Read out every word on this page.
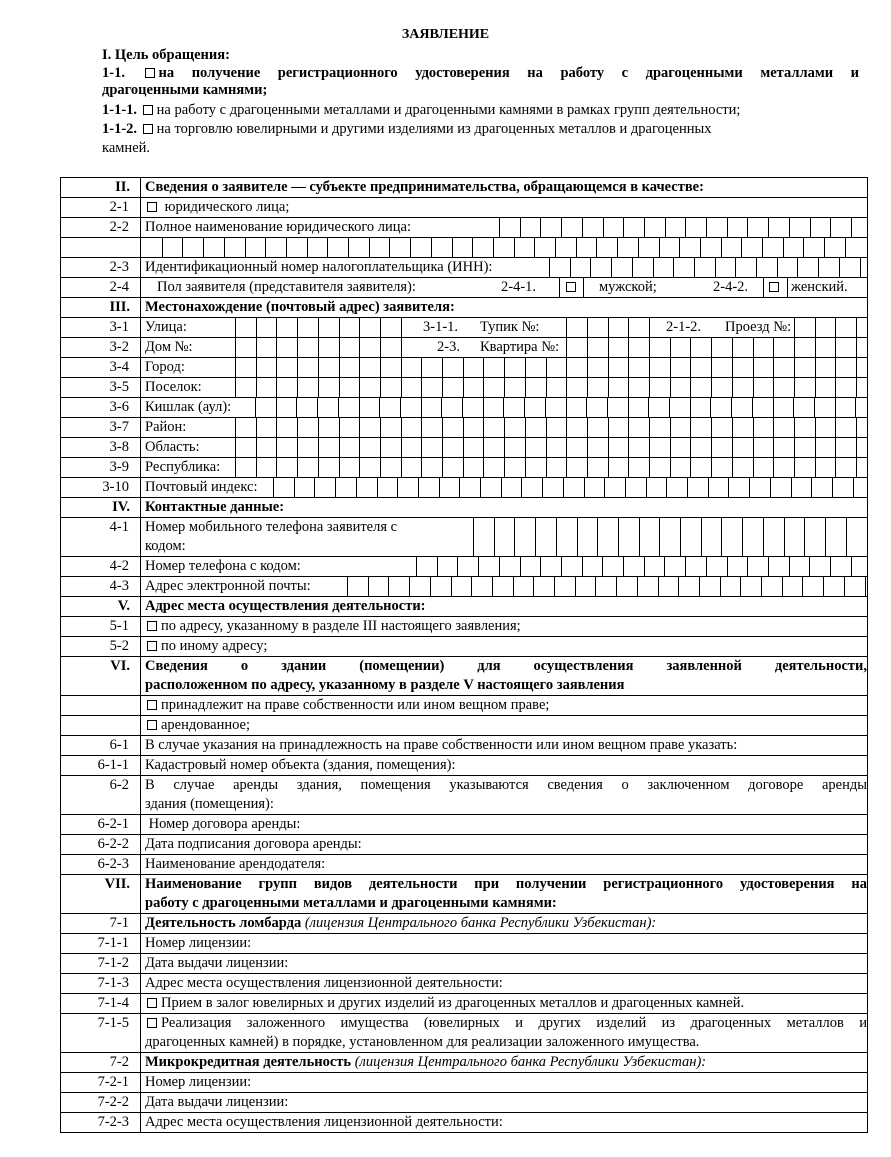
ЗАЯВЛЕНИЕ
I. Цель обращения:
1-1. на получение регистрационного удостоверения на работу с драгоценными металлами и
драгоценными камнями;
1-1-1. на работу с драгоценными металлами и драгоценными камнями в рамках групп деятельности;
1-1-2. на торговлю ювелирными и другими изделиями из драгоценных металлов и драгоценных
камней.
II.	Сведения о заявителе — субъекте предпринимательства, обращающемся в качестве:
2-1	юридического лица;
2-2	Полное наименование юридического лица:

2-3	Идентификационный номер налогоплательщика (ИНН):
2-4	Пол заявителя (представителя заявителя): 2-4-1. мужской; 2-4-2. женский.

III.	Местонахождение (почтовый адрес) заявителя:
3-1	Улица: 3-1-1. Тупик №: 2-1-2. Проезд №:

3-2	Дом №: 2-3. Квартира №:

3-4	Город:
3-5	Поселок:
3-6	Кишлак (аул):
3-7	Район:
3-8	Область:
3-9	Республика:
3-10	Почтовый индекс:
IV.	Контактные данные:
4-1	Номер мобильного телефона заявителя с
кодом:
4-2	Номер телефона с кодом:
4-3	Адрес электронной почты:
V.	Адрес места осуществления деятельности:
5-1	по адресу, указанному в разделе III настоящего заявления;
5-2	по иному адресу;
VI.	Сведения о здании (помещении) для осуществления заявленной деятельности,
расположенном по адресу, указанному в разделе V настоящего заявления
	принадлежит на праве собственности или ином вещном праве;
	арендованное;
6-1	В случае указания на принадлежность на праве собственности или ином вещном праве указать:
6-1-1	Кадастровый номер объекта (здания, помещения):
6-2	В случае аренды здания, помещения указываются сведения о заключенном договоре аренды
здания (помещения):
6-2-1	Номер договора аренды:
6-2-2	Дата подписания договора аренды:
6-2-3	Наименование арендодателя:
VII.	Наименование групп видов деятельности при получении регистрационного удостоверения на
работу с драгоценными металлами и драгоценными камнями:
7-1	Деятельность ломбарда (лицензия Центрального банка Республики Узбекистан):
7-1-1	Номер лицензии:
7-1-2	Дата выдачи лицензии:
7-1-3	Адрес места осуществления лицензионной деятельности:
7-1-4	Прием в залог ювелирных и других изделий из драгоценных металлов и драгоценных камней.
7-1-5	Реализация заложенного имущества (ювелирных и других изделий из драгоценных металлов и
драгоценных камней) в порядке, установленном для реализации заложенного имущества.
7-2	Микрокредитная деятельность (лицензия Центрального банка Республики Узбекистан):
7-2-1	Номер лицензии:
7-2-2	Дата выдачи лицензии:
7-2-3	Адрес места осуществления лицензионной деятельности:
